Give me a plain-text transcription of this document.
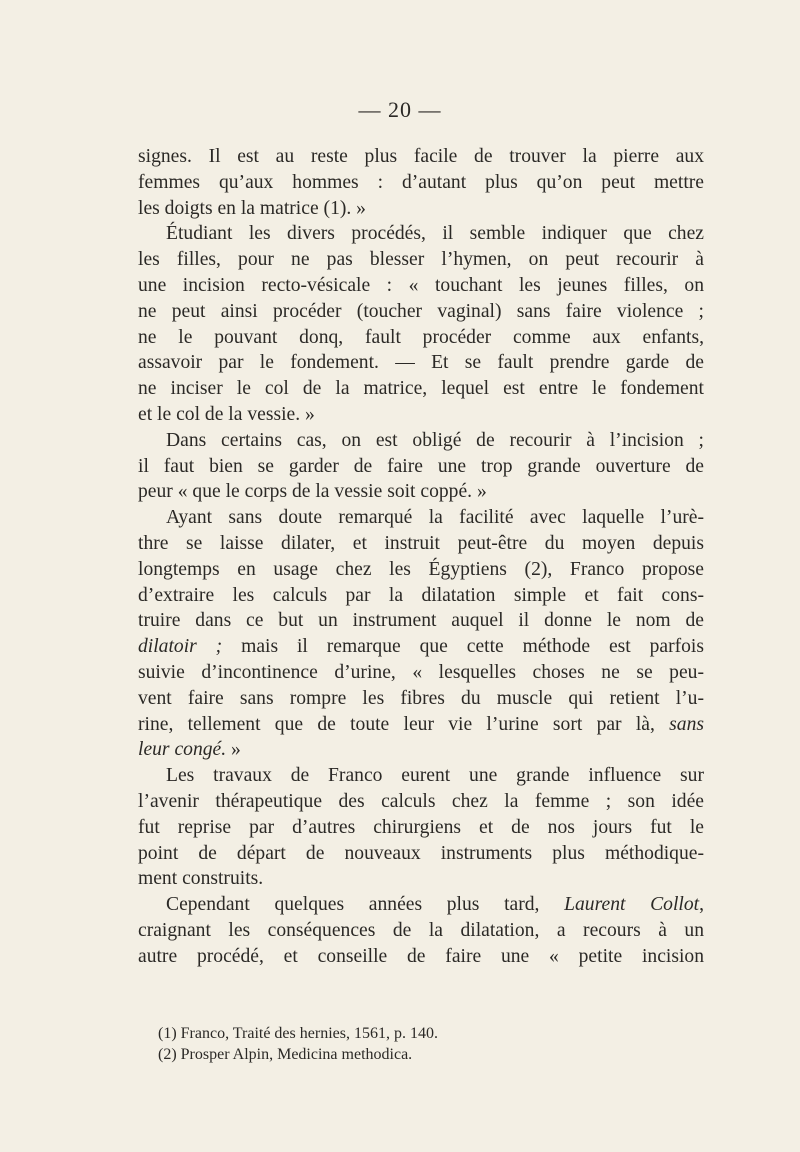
— 20 —
signes. Il est au reste plus facile de trouver la pierre aux
femmes qu’aux hommes : d’autant plus qu’on peut mettre
les doigts en la matrice (1). »
Étudiant les divers procédés, il semble indiquer que chez
les filles, pour ne pas blesser l’hymen, on peut recourir à
une incision recto-vésicale : « touchant les jeunes filles, on
ne peut ainsi procéder (toucher vaginal) sans faire violence ;
ne le pouvant donq, fault procéder comme aux enfants,
assavoir par le fondement. — Et se fault prendre garde de
ne inciser le col de la matrice, lequel est entre le fondement
et le col de la vessie. »
Dans certains cas, on est obligé de recourir à l’incision ;
il faut bien se garder de faire une trop grande ouverture de
peur « que le corps de la vessie soit coppé. »
Ayant sans doute remarqué la facilité avec laquelle l’urè-
thre se laisse dilater, et instruit peut-être du moyen depuis
longtemps en usage chez les Égyptiens (2), Franco propose
d’extraire les calculs par la dilatation simple et fait cons-
truire dans ce but un instrument auquel il donne le nom de
dilatoir ; mais il remarque que cette méthode est parfois
suivie d’incontinence d’urine, « lesquelles choses ne se peu-
vent faire sans rompre les fibres du muscle qui retient l’u-
rine, tellement que de toute leur vie l’urine sort par là, sans
leur congé. »
Les travaux de Franco eurent une grande influence sur
l’avenir thérapeutique des calculs chez la femme ; son idée
fut reprise par d’autres chirurgiens et de nos jours fut le
point de départ de nouveaux instruments plus méthodique-
ment construits.
Cependant quelques années plus tard, Laurent Collot,
craignant les conséquences de la dilatation, a recours à un
autre procédé, et conseille de faire une « petite incision
(1) Franco, Traité des hernies, 1561, p. 140.
(2) Prosper Alpin, Medicina methodica.
